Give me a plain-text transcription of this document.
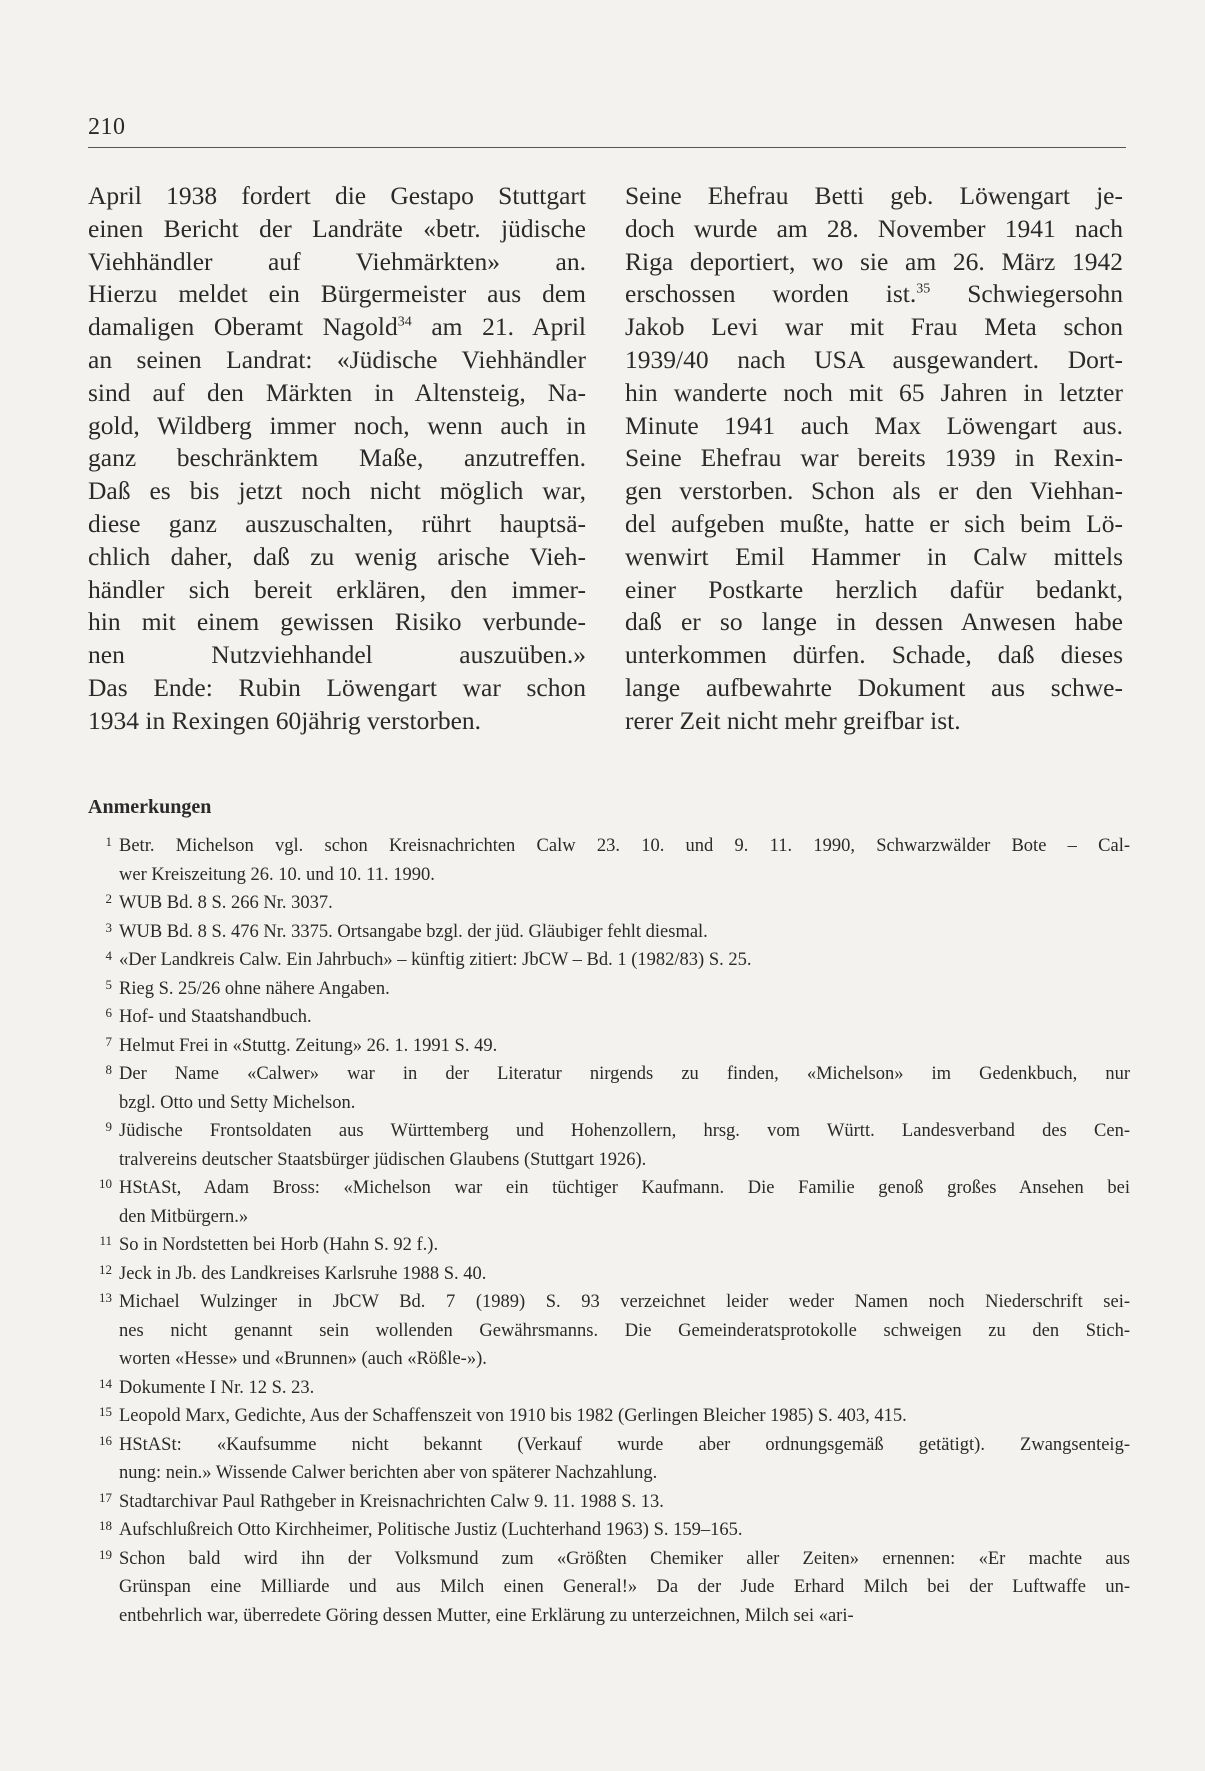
210
April 1938 fordert die Gestapo Stuttgart
einen Bericht der Landräte «betr. jüdische
Viehhändler auf Viehmärkten» an.
Hierzu meldet ein Bürgermeister aus dem
damaligen Oberamt Nagold$^{34}$ am 21. April
an seinen Landrat: «Jüdische Viehhändler
sind auf den Märkten in Altensteig, Na-
gold, Wildberg immer noch, wenn auch in
ganz beschränktem Maße, anzutreffen.
Daß es bis jetzt noch nicht möglich war,
diese ganz auszuschalten, rührt hauptsä-
chlich daher, daß zu wenig arische Vieh-
händler sich bereit erklären, den immer-
hin mit einem gewissen Risiko verbunde-
nen Nutzviehhandel auszuüben.»
Das Ende: Rubin Löwengart war schon
1934 in Rexingen 60jährig verstorben.
Seine Ehefrau Betti geb. Löwengart je-
doch wurde am 28. November 1941 nach
Riga deportiert, wo sie am 26. März 1942
erschossen worden ist.$^{35}$ Schwiegersohn
Jakob Levi war mit Frau Meta schon
1939/40 nach USA ausgewandert. Dort-
hin wanderte noch mit 65 Jahren in letzter
Minute 1941 auch Max Löwengart aus.
Seine Ehefrau war bereits 1939 in Rexin-
gen verstorben. Schon als er den Viehhan-
del aufgeben mußte, hatte er sich beim Lö-
wenwirt Emil Hammer in Calw mittels
einer Postkarte herzlich dafür bedankt,
daß er so lange in dessen Anwesen habe
unterkommen dürfen. Schade, daß dieses
lange aufbewahrte Dokument aus schwe-
rerer Zeit nicht mehr greifbar ist.
Anmerkungen
1 Betr. Michelson vgl. schon Kreisnachrichten Calw 23. 10. und 9. 11. 1990, Schwarzwälder Bote – Cal-
wer Kreiszeitung 26. 10. und 10. 11. 1990.
2 WUB Bd. 8 S. 266 Nr. 3037.
3 WUB Bd. 8 S. 476 Nr. 3375. Ortsangabe bzgl. der jüd. Gläubiger fehlt diesmal.
4 «Der Landkreis Calw. Ein Jahrbuch» – künftig zitiert: JbCW – Bd. 1 (1982/83) S. 25.
5 Rieg S. 25/26 ohne nähere Angaben.
6 Hof- und Staatshandbuch.
7 Helmut Frei in «Stuttg. Zeitung» 26. 1. 1991 S. 49.
8 Der Name «Calwer» war in der Literatur nirgends zu finden, «Michelson» im Gedenkbuch, nur
bzgl. Otto und Setty Michelson.
9 Jüdische Frontsoldaten aus Württemberg und Hohenzollern, hrsg. vom Württ. Landesverband des Cen-
tralvereins deutscher Staatsbürger jüdischen Glaubens (Stuttgart 1926).
10 HStASt, Adam Bross: «Michelson war ein tüchtiger Kaufmann. Die Familie genoß großes Ansehen bei
den Mitbürgern.»
11 So in Nordstetten bei Horb (Hahn S. 92 f.).
12 Jeck in Jb. des Landkreises Karlsruhe 1988 S. 40.
13 Michael Wulzinger in JbCW Bd. 7 (1989) S. 93 verzeichnet leider weder Namen noch Niederschrift sei-
nes nicht genannt sein wollenden Gewährsmanns. Die Gemeinderatsprotokolle schweigen zu den Stich-
worten «Hesse» und «Brunnen» (auch «Rößle-»).
14 Dokumente I Nr. 12 S. 23.
15 Leopold Marx, Gedichte, Aus der Schaffenszeit von 1910 bis 1982 (Gerlingen Bleicher 1985) S. 403, 415.
16 HStASt: «Kaufsumme nicht bekannt (Verkauf wurde aber ordnungsgemäß getätigt). Zwangsenteig-
nung: nein.» Wissende Calwer berichten aber von späterer Nachzahlung.
17 Stadtarchivar Paul Rathgeber in Kreisnachrichten Calw 9. 11. 1988 S. 13.
18 Aufschlußreich Otto Kirchheimer, Politische Justiz (Luchterhand 1963) S. 159–165.
19 Schon bald wird ihn der Volksmund zum «Größten Chemiker aller Zeiten» ernennen: «Er machte aus
Grünspan eine Milliarde und aus Milch einen General!» Da der Jude Erhard Milch bei der Luftwaffe un-
entbehrlich war, überredete Göring dessen Mutter, eine Erklärung zu unterzeichnen, Milch sei «ari-
